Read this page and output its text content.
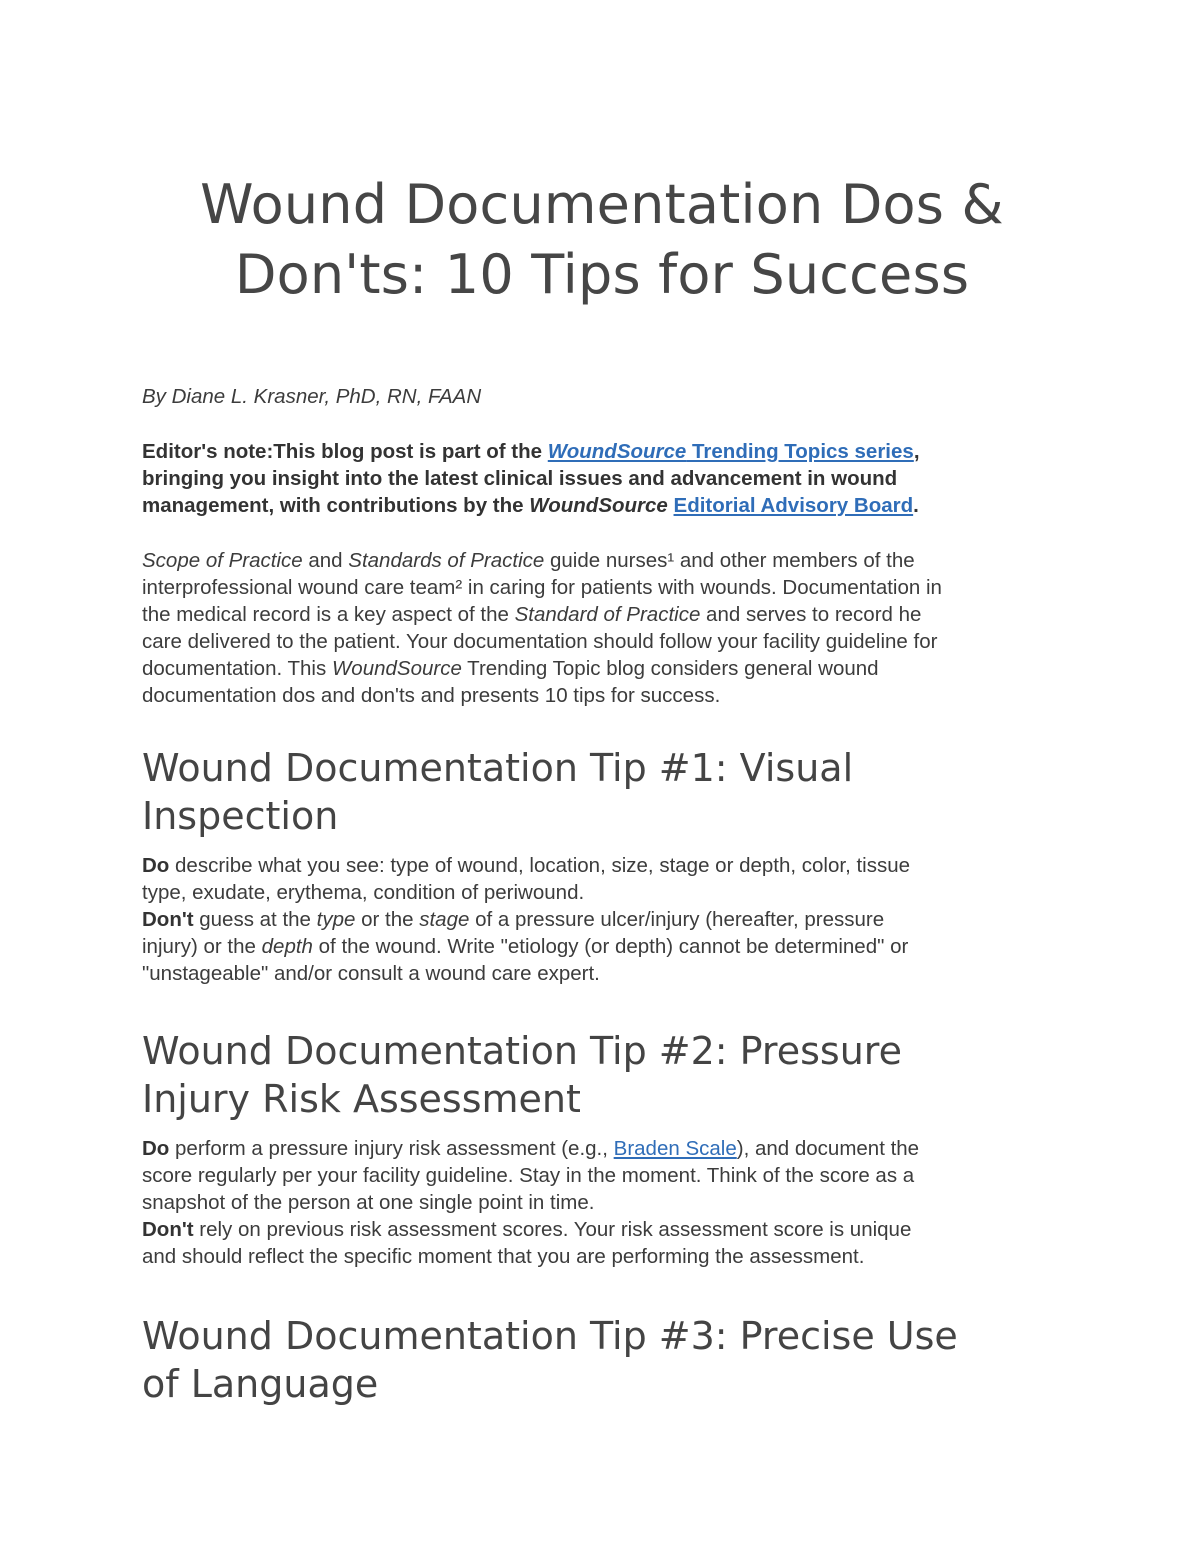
Wound Documentation Dos &
Don'ts: 10 Tips for Success
By Diane L. Krasner, PhD, RN, FAAN
Editor's note:This blog post is part of the WoundSource Trending Topics series,
bringing you insight into the latest clinical issues and advancement in wound
management, with contributions by the WoundSource Editorial Advisory Board.
Scope of Practice and Standards of Practice guide nurses¹ and other members of the
interprofessional wound care team² in caring for patients with wounds. Documentation in
the medical record is a key aspect of the Standard of Practice and serves to record he
care delivered to the patient. Your documentation should follow your facility guideline for
documentation. This WoundSource Trending Topic blog considers general wound
documentation dos and don'ts and presents 10 tips for success.
Wound Documentation Tip #1: Visual
Inspection
Do describe what you see: type of wound, location, size, stage or depth, color, tissue
type, exudate, erythema, condition of periwound.
Don't guess at the type or the stage of a pressure ulcer/injury (hereafter, pressure
injury) or the depth of the wound. Write "etiology (or depth) cannot be determined" or
"unstageable" and/or consult a wound care expert.
Wound Documentation Tip #2: Pressure
Injury Risk Assessment
Do perform a pressure injury risk assessment (e.g., Braden Scale), and document the
score regularly per your facility guideline. Stay in the moment. Think of the score as a
snapshot of the person at one single point in time.
Don't rely on previous risk assessment scores. Your risk assessment score is unique
and should reflect the specific moment that you are performing the assessment.
Wound Documentation Tip #3: Precise Use
of Language
